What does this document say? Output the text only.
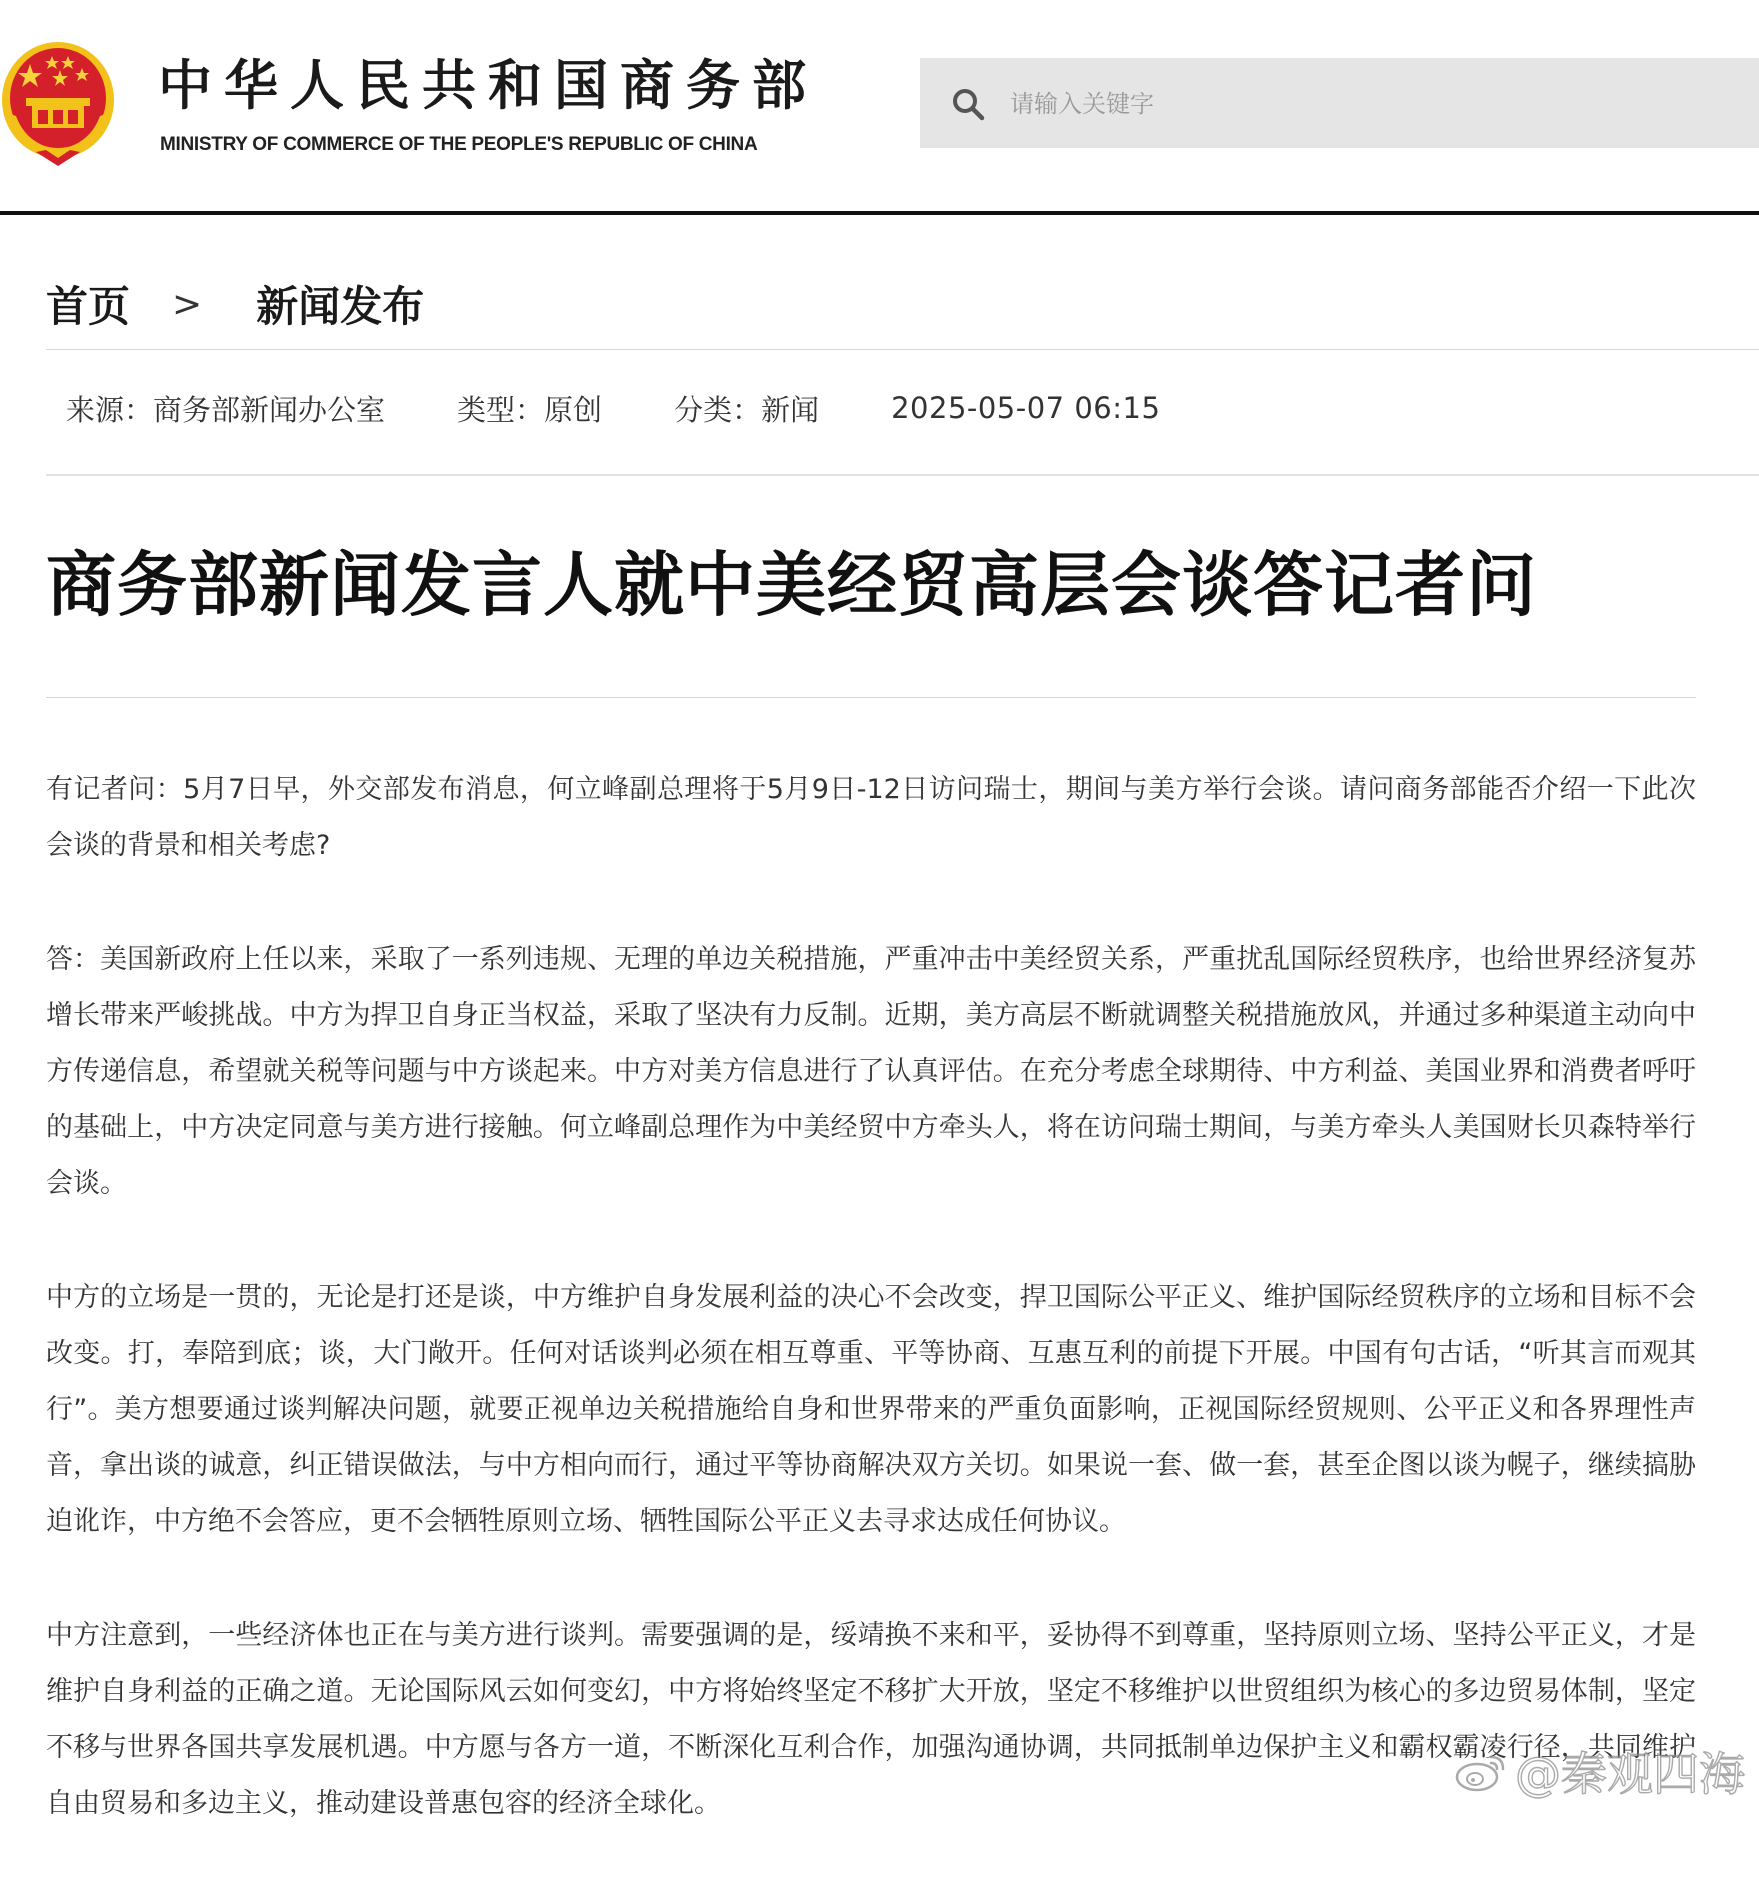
中华人民共和国商务部
MINISTRY OF COMMERCE OF THE PEOPLE'S REPUBLIC OF CHINA
请输入关键字
首页 > 新闻发布
来源：商务部新闻办公室 类型：原创 分类：新闻 2025-05-07 06:15
商务部新闻发言人就中美经贸高层会谈答记者问

有记者问：5月7日早，外交部发布消息，何立峰副总理将于5月9日-12日访问瑞士，期间与美方举行会谈。请问商务部能否介绍一下此次会谈的背景和相关考虑?

答：美国新政府上任以来，采取了一系列违规、无理的单边关税措施，严重冲击中美经贸关系，严重扰乱国际经贸秩序，也给世界经济复苏增长带来严峻挑战。中方为捍卫自身正当权益，采取了坚决有力反制。近期，美方高层不断就调整关税措施放风，并通过多种渠道主动向中方传递信息，希望就关税等问题与中方谈起来。中方对美方信息进行了认真评估。在充分考虑全球期待、中方利益、美国业界和消费者呼吁的基础上，中方决定同意与美方进行接触。何立峰副总理作为中美经贸中方牵头人，将在访问瑞士期间，与美方牵头人美国财长贝森特举行会谈。

中方的立场是一贯的，无论是打还是谈，中方维护自身发展利益的决心不会改变，捍卫国际公平正义、维护国际经贸秩序的立场和目标不会改变。打，奉陪到底；谈，大门敞开。任何对话谈判必须在相互尊重、平等协商、互惠互利的前提下开展。中国有句古话，“听其言而观其行”。美方想要通过谈判解决问题，就要正视单边关税措施给自身和世界带来的严重负面影响，正视国际经贸规则、公平正义和各界理性声音，拿出谈的诚意，纠正错误做法，与中方相向而行，通过平等协商解决双方关切。如果说一套、做一套，甚至企图以谈为幌子，继续搞胁迫讹诈，中方绝不会答应，更不会牺牲原则立场、牺牲国际公平正义去寻求达成任何协议。

中方注意到，一些经济体也正在与美方进行谈判。需要强调的是，绥靖换不来和平，妥协得不到尊重，坚持原则立场、坚持公平正义，才是维护自身利益的正确之道。无论国际风云如何变幻，中方将始终坚定不移扩大开放，坚定不移维护以世贸组织为核心的多边贸易体制，坚定不移与世界各国共享发展机遇。中方愿与各方一道，不断深化互利合作，加强沟通协调，共同抵制单边保护主义和霸权霸凌行径，共同维护自由贸易和多边主义，推动建设普惠包容的经济全球化。

@秦观四海
